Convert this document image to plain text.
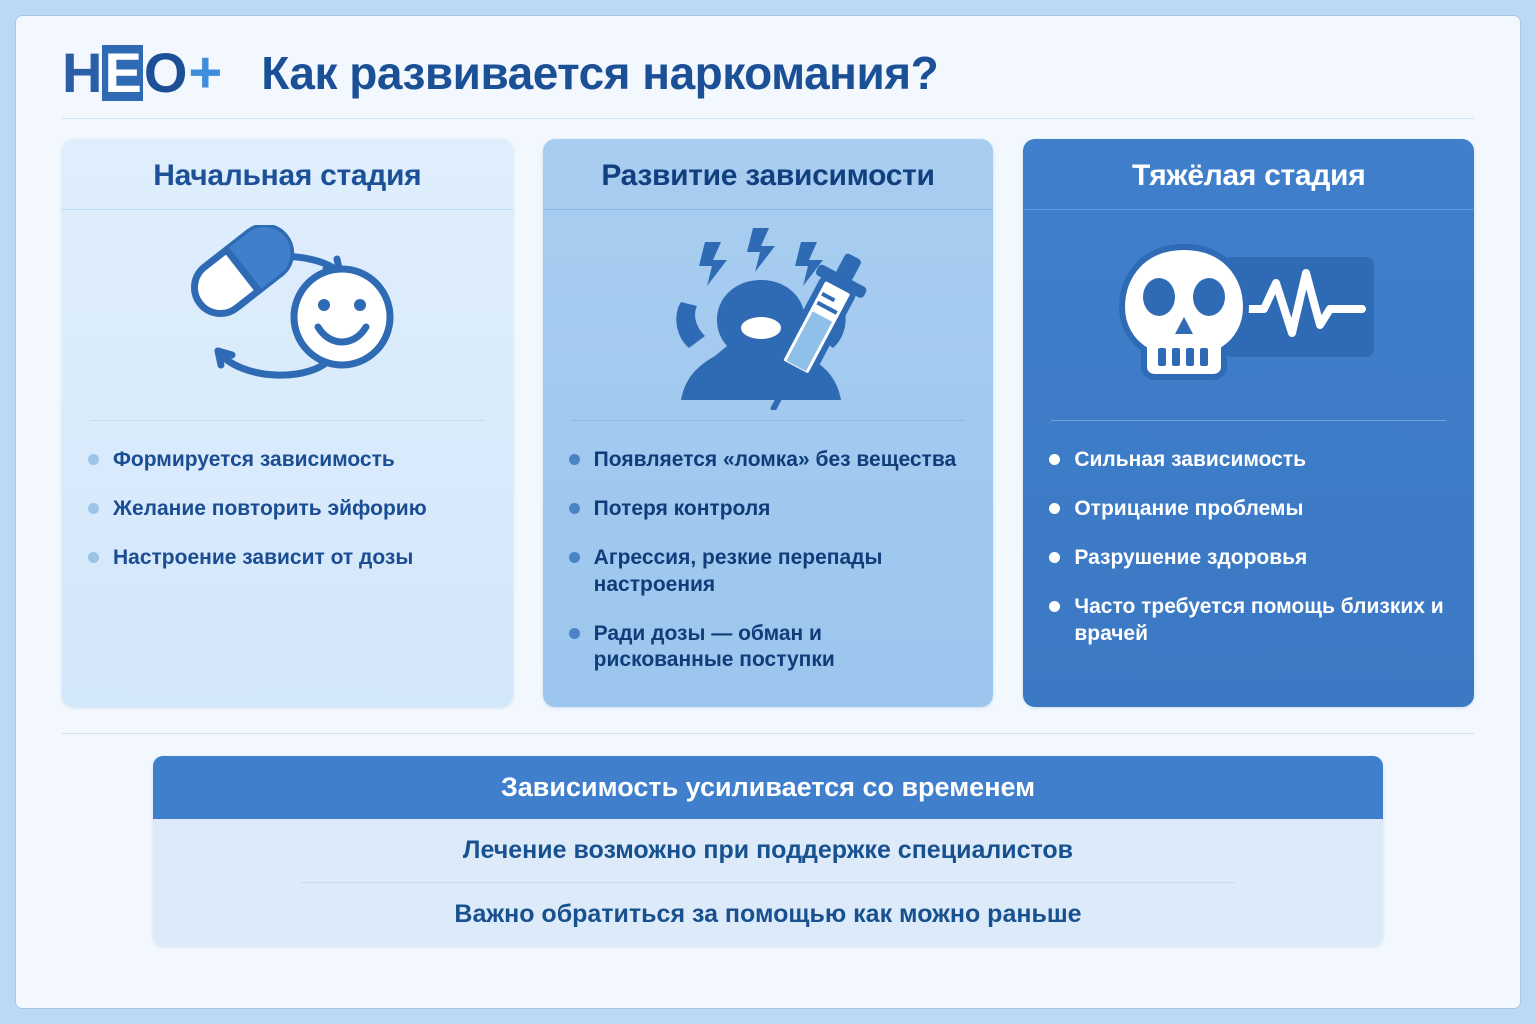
H E O + Как развивается наркомания?
Начальная стадия
Формируется зависимость
Желание повторить эйфорию
Настроение зависит от дозы
Развитие зависимости
Появляется «ломка» без вещества
Потеря контроля
Агрессия, резкие перепады настроения
Ради дозы — обман и рискованные поступки
Тяжёлая стадия
Сильная зависимость
Отрицание проблемы
Разрушение здоровья
Часто требуется помощь близких и врачей
Зависимость усиливается со временем
Лечение возможно при поддержке специалистов
Важно обратиться за помощью как можно раньше
